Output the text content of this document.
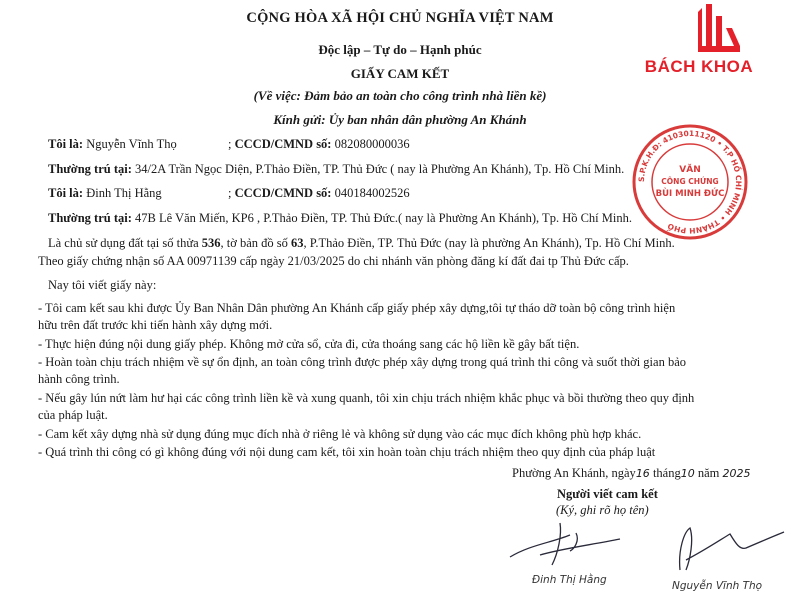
CỘNG HÒA XÃ HỘI CHỦ NGHĨA VIỆT NAM
Độc lập – Tự do – Hạnh phúc
GIẤY CAM KẾT
(Về việc: Đảm bảo an toàn cho công trình nhà liền kề)
Kính gửi: Ủy ban nhân dân phường An Khánh
BÁCH KHOA
Tôi là: Nguyễn Vĩnh Thọ	; CCCD/CMND số: 082080000036
Thường trú tại: 34/2A Trần Ngọc Diện, P.Thảo Điền, TP. Thủ Đức ( nay là Phường An Khánh), Tp. Hồ Chí Minh.
Tôi là: Đinh Thị Hằng	; CCCD/CMND số: 040184002526
Thường trú tại: 47B Lê Văn Miến, KP6 , P.Thảo Điền, TP. Thủ Đức.( nay là Phường An Khánh), Tp. Hồ Chí Minh.
Là chủ sử dụng đất tại số thửa 536, tờ bản đồ số 63, P.Thảo Điền, TP. Thủ Đức (nay là phường An Khánh), Tp. Hồ Chí Minh.
Theo giấy chứng nhận số AA 00971139 cấp ngày 21/03/2025 do chi nhánh văn phòng đăng kí đất đai tp Thủ Đức cấp.
Nay tôi viết giấy này:
- Tôi cam kết sau khi được Ủy Ban Nhân Dân phường An Khánh cấp giấy phép xây dựng,tôi tự tháo dỡ toàn bộ công trình hiện
hữu trên đất trước khi tiến hành xây dựng mới.
- Thực hiện đúng nội dung giấy phép. Không mở cửa sổ, cửa đi, cửa thoáng sang các hộ liền kề gây bất tiện.
- Hoàn toàn chịu trách nhiệm về sự ổn định, an toàn công trình được phép xây dựng trong quá trình thi công và suốt thời gian bảo
hành công trình.
- Nếu gây lún nứt làm hư hại các công trình liền kề và xung quanh, tôi xin chịu trách nhiệm khắc phục và bồi thường theo quy định
của pháp luật.
- Cam kết xây dựng nhà sử dụng đúng mục đích nhà ở riêng lẻ và không sử dụng vào các mục đích không phù hợp khác.
- Quá trình thi công có gì không đúng với nội dung cam kết, tôi xin hoàn toàn chịu trách nhiệm theo quy định của pháp luật
Phường An Khánh, ngày16 tháng10 năm 2025
Người viết cam kết
(Ký, ghi rõ họ tên)
Đinh Thị Hằng	Nguyễn Vĩnh Thọ
S.P.K.H.Đ: 4103011120 • T.P HỒ CHÍ MINH • THÀNH PHỐ
VĂN
CÔNG CHỨNG
BÙI MINH ĐỨC
